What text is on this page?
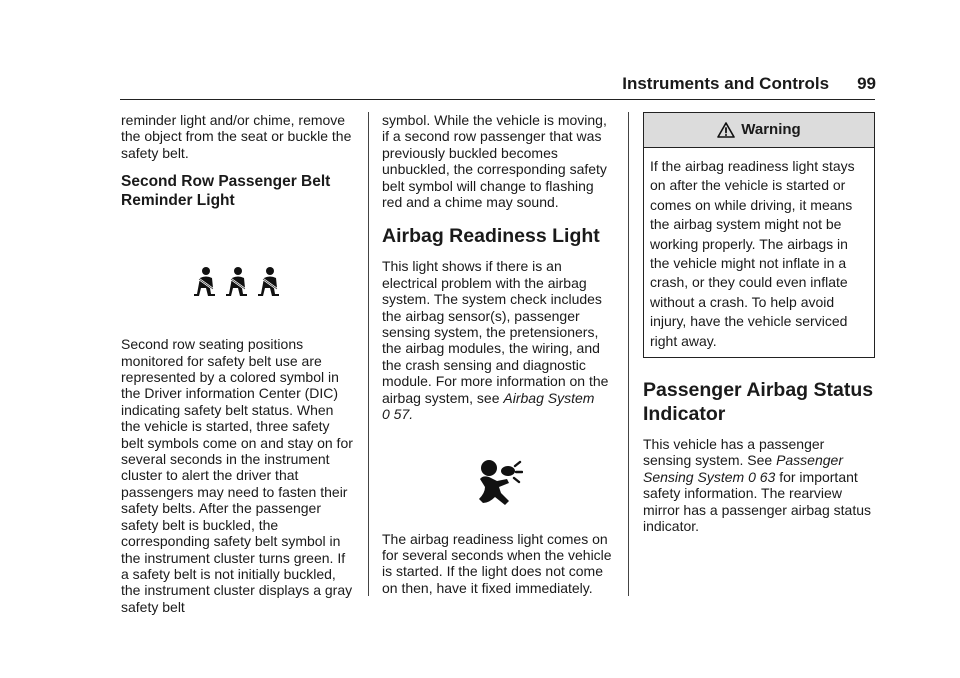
Instruments and Controls 99

reminder light and/or chime, remove the object from the seat or buckle the safety belt.

Second Row Passenger Belt Reminder Light

Second row seating positions monitored for safety belt use are represented by a colored symbol in the Driver information Center (DIC) indicating safety belt status. When the vehicle is started, three safety belt symbols come on and stay on for several seconds in the instrument cluster to alert the driver that passengers may need to fasten their safety belts. After the passenger safety belt is buckled, the corresponding safety belt symbol in the instrument cluster turns green. If a safety belt is not initially buckled, the instrument cluster displays a gray safety belt

symbol. While the vehicle is moving, if a second row passenger that was previously buckled becomes unbuckled, the corresponding safety belt symbol will change to flashing red and a chime may sound.

Airbag Readiness Light

This light shows if there is an electrical problem with the airbag system. The system check includes the airbag sensor(s), passenger sensing system, the pretensioners, the airbag modules, the wiring, and the crash sensing and diagnostic module. For more information on the airbag system, see Airbag System
0 57.

The airbag readiness light comes on for several seconds when the vehicle is started. If the light does not come on then, have it fixed immediately.

Warning
If the airbag readiness light stays on after the vehicle is started or comes on while driving, it means the airbag system might not be working properly. The airbags in the vehicle might not inflate in a crash, or they could even inflate without a crash. To help avoid injury, have the vehicle serviced right away.

Passenger Airbag Status Indicator

This vehicle has a passenger sensing system. See Passenger Sensing System 0 63 for important safety information. The rearview mirror has a passenger airbag status indicator.
